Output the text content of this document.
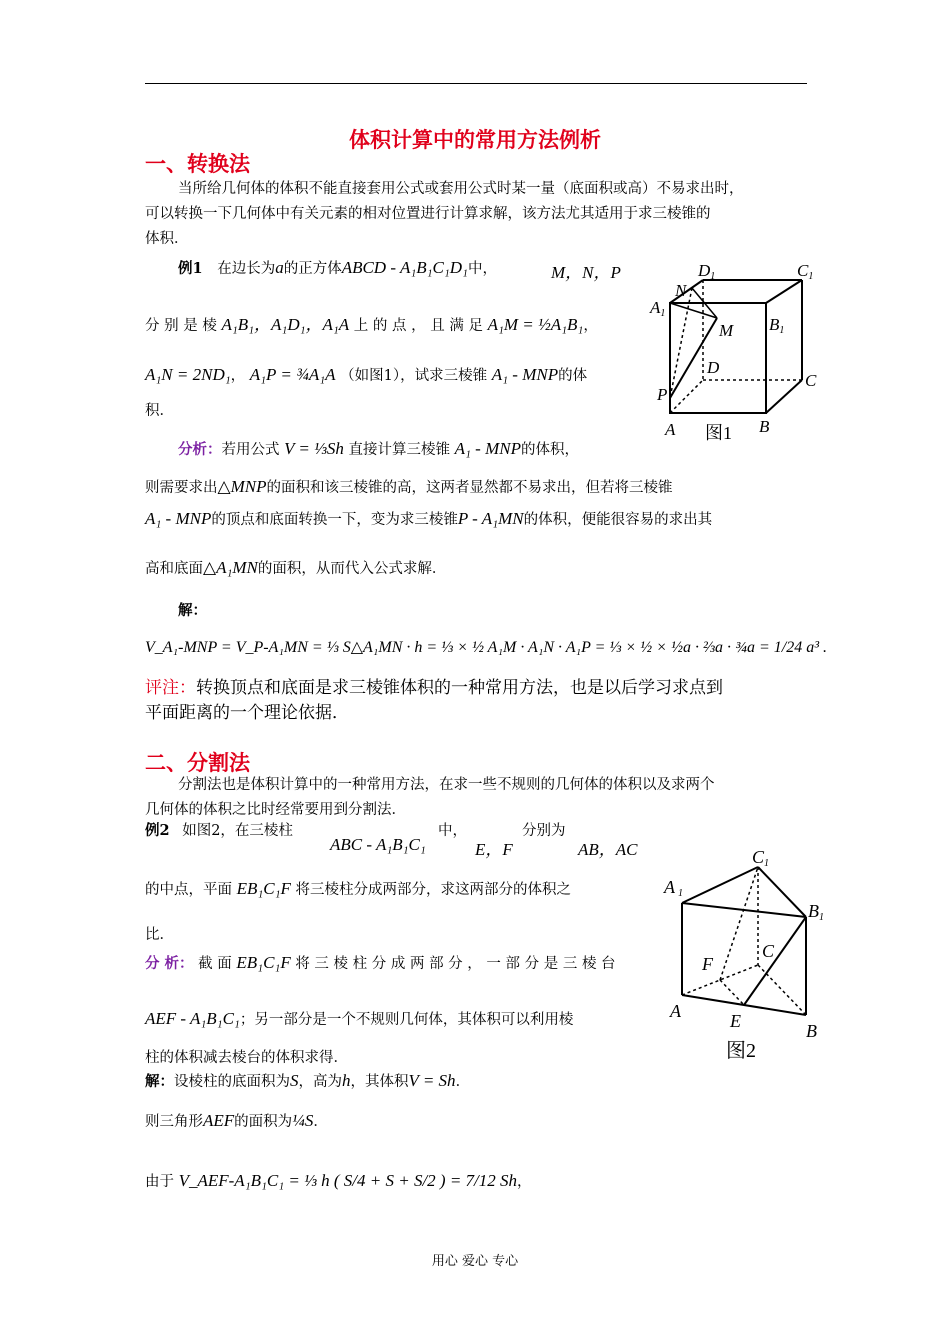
体积计算中的常用方法例析
一、转换法
当所给几何体的体积不能直接套用公式或套用公式时某一量（底面积或高）不易求出时，
可以转换一下几何体中有关元素的相对位置进行计算求解，该方法尤其适用于求三棱锥的
体积．
例1 在边长为a的正方体ABCD - A₁B₁C₁D₁中，	M，N，P
分 别 是 棱 A₁B₁，A₁D₁，A₁A 上 的 点 ， 且 满 足 A₁M = ½A₁B₁，
A₁N = 2ND₁， A₁P = ¾A₁A （如图1），试求三棱锥 A₁ - MNP的体
积．
分析：若用公式 V = ⅓Sh 直接计算三棱锥 A₁ - MNP的体积，
则需要求出△MNP的面积和该三棱锥的高，这两者显然都不易求出，但若将三棱锥
A₁ - MNP的顶点和底面转换一下，变为求三棱锥P - A₁MN的体积，便能很容易的求出其
高和底面△A₁MN的面积，从而代入公式求解．
解：
V_A₁-MNP = V_P-A₁MN = ⅓ S△A₁MN · h = ⅓ × ½ A₁M · A₁N · A₁P = ⅓ × ½ × ½a · ⅔a · ¾a = 1/24 a³ .
评注：转换顶点和底面是求三棱锥体积的一种常用方法，也是以后学习求点到
平面距离的一个理论依据．
D1	C1
A1
N
M B1
D
C
P
A	B
图1
二、分割法
分割法也是体积计算中的一种常用方法，在求一些不规则的几何体的体积以及求两个
几何体的体积之比时经常要用到分割法．
例2 如图2，在三棱柱
ABC - A₁B₁C₁
中，
E，F
分别为
AB，AC
的中点，平面 EB₁C₁F 将三棱柱分成两部分，求这两部分的体积之
比．
分 析： 截 面 EB₁C₁F 将 三 棱 柱 分 成 两 部 分 ， 一 部 分 是 三 棱 台
AEF - A₁B₁C₁；另一部分是一个不规则几何体，其体积可以利用棱
柱的体积减去棱台的体积求得．
解：设棱柱的底面积为S，高为h，其体积V = Sh．
则三角形AEF的面积为¼S．
由于 V_AEF-A₁B₁C₁ = ⅓ h ( S/4 + S + S/2 ) = 7/12 Sh，
C1
A 1
B1
C
F
A	E	B
图2
用心 爱心 专心
